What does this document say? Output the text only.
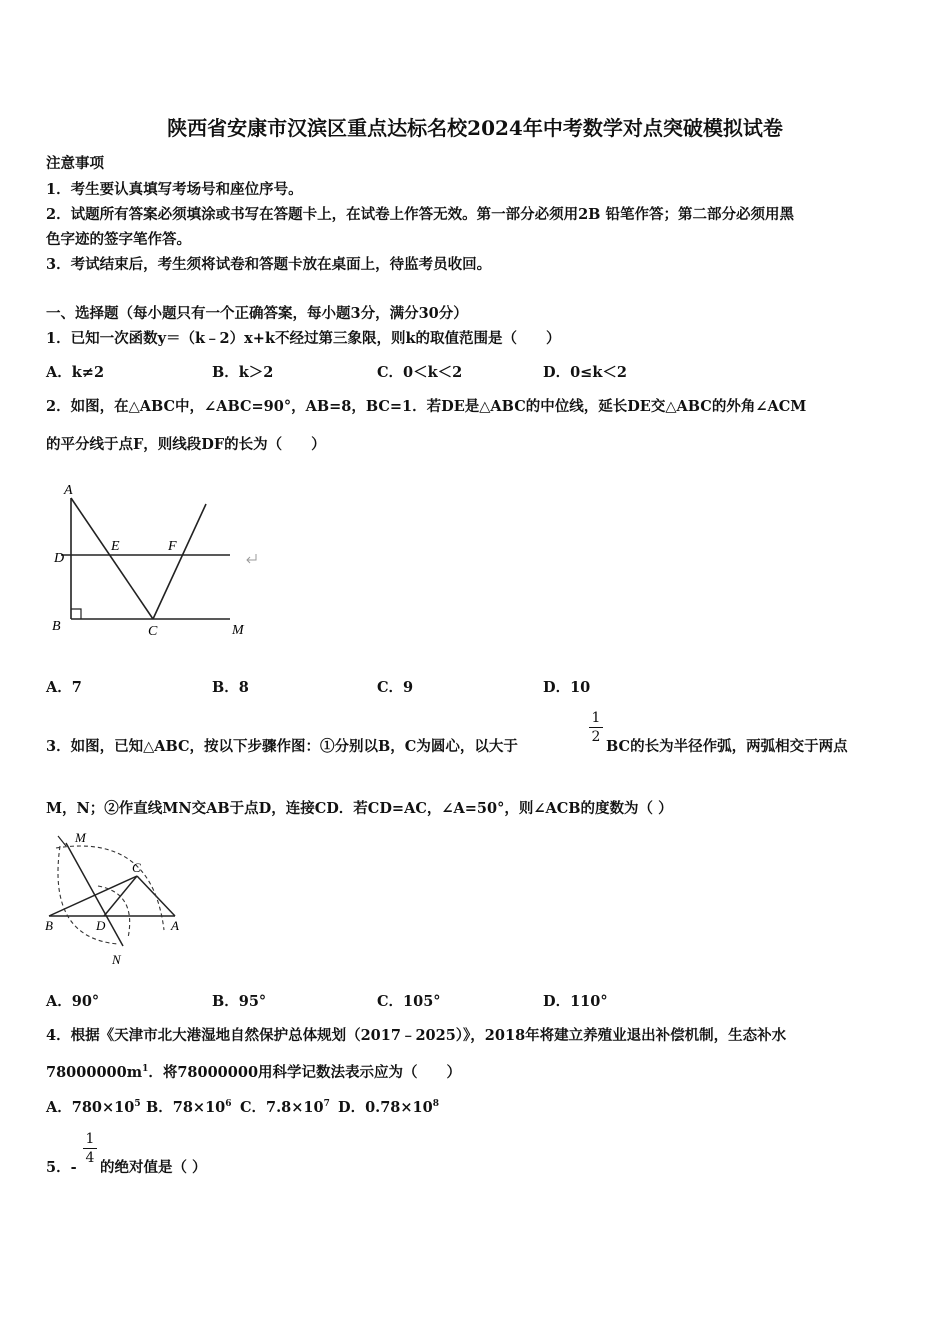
陕西省安康市汉滨区重点达标名校2024年中考数学对点突破模拟试卷
注意事项
1．考生要认真填写考场号和座位序号。
2．试题所有答案必须填涂或书写在答题卡上，在试卷上作答无效。第一部分必须用2B 铅笔作答；第二部分必须用黑
色字迹的签字笔作答。
3．考试结束后，考生须将试卷和答题卡放在桌面上，待监考员收回。
一、选择题（每小题只有一个正确答案，每小题3分，满分30分）
1．已知一次函数y＝（k﹣2）x+k不经过第三象限，则k的取值范围是（　　）
A．k≠2	B．k＞2	C．0＜k＜2	D．0≤k＜2
2．如图，在△ABC中，∠ABC=90°，AB=8，BC=1．若DE是△ABC的中位线，延长DE交△ABC的外角∠ACM
的平分线于点F，则线段DF的长为（　　）
A
D
E	F
B	C	M
A．7	B．8	C．9	D．10
3．如图，已知△ABC，按以下步骤作图：①分别以B，C为圆心，以大于
1
2
BC的长为半径作弧，两弧相交于两点
M，N；②作直线MN交AB于点D，连接CD．若CD=AC，∠A=50°，则∠ACB的度数为（ ）
M
C
B	D	A
N
A．90°	B．95°	C．105°	D．110°
4．根据《天津市北大港湿地自然保护总体规划（2017﹣2025）》，2018年将建立养殖业退出补偿机制，生态补水
$78000000m^1$．将78000000用科学记数法表示应为（　　）
A．$780\times 10^5$ B．$78\times 10^6$ C．$7.8\times 10^7$ D．$0.78\times 10^8$
5．-
1
4
的绝对值是（ ）
